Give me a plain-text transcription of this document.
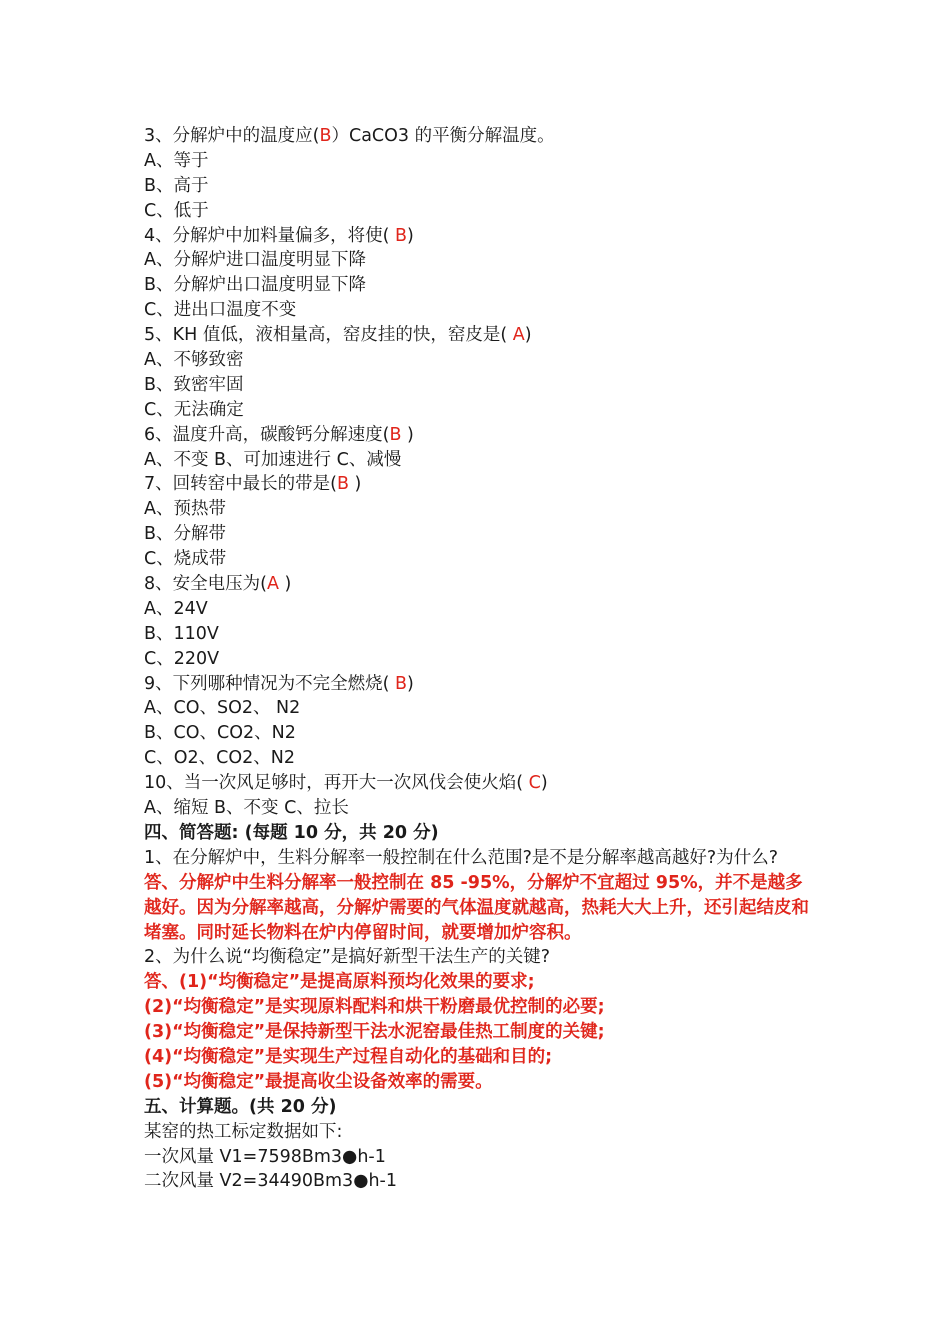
3、分解炉中的温度应(B）CaCO3 的平衡分解温度。
A、等于
B、高于
C、低于
4、分解炉中加料量偏多，将使( B)
A、分解炉进口温度明显下降
B、分解炉出口温度明显下降
C、进出口温度不变
5、KH 值低，液相量高，窑皮挂的快，窑皮是( A)
A、不够致密
B、致密牢固
C、无法确定
6、温度升高，碳酸钙分解速度(B )
A、不变 B、可加速进行 C、减慢
7、回转窑中最长的带是(B )
A、预热带
B、分解带
C、烧成带
8、安全电压为(A )
A、24V
B、110V
C、220V
9、下列哪种情况为不完全燃烧( B)
A、CO、SO2、 N2
B、CO、CO2、N2
C、O2、CO2、N2
10、当一次风足够时，再开大一次风伐会使火焰( C)
A、缩短 B、不变 C、拉长
四、简答题: (每题 10 分，共 20 分)
1、在分解炉中，生料分解率一般控制在什么范围?是不是分解率越高越好?为什么?
答、分解炉中生料分解率一般控制在 85 -95%，分解炉不宜超过 95%，并不是越多越好。因为分解率越高，分解炉需要的气体温度就越高，热耗大大上升，还引起结皮和堵塞。同时延长物料在炉内停留时间，就要增加炉容积。
2、为什么说“均衡稳定”是搞好新型干法生产的关键?
答、(1)“均衡稳定”是提高原料预均化效果的要求;
(2)“均衡稳定”是实现原料配料和烘干粉磨最优控制的必要;
(3)“均衡稳定”是保持新型干法水泥窑最佳热工制度的关键;
(4)“均衡稳定”是实现生产过程自动化的基础和目的;
(5)“均衡稳定”最提高收尘设备效率的需要。
五、计算题。(共 20 分)
某窑的热工标定数据如下:
一次风量 V1=7598Bm3●h-1
二次风量 V2=34490Bm3●h-1
